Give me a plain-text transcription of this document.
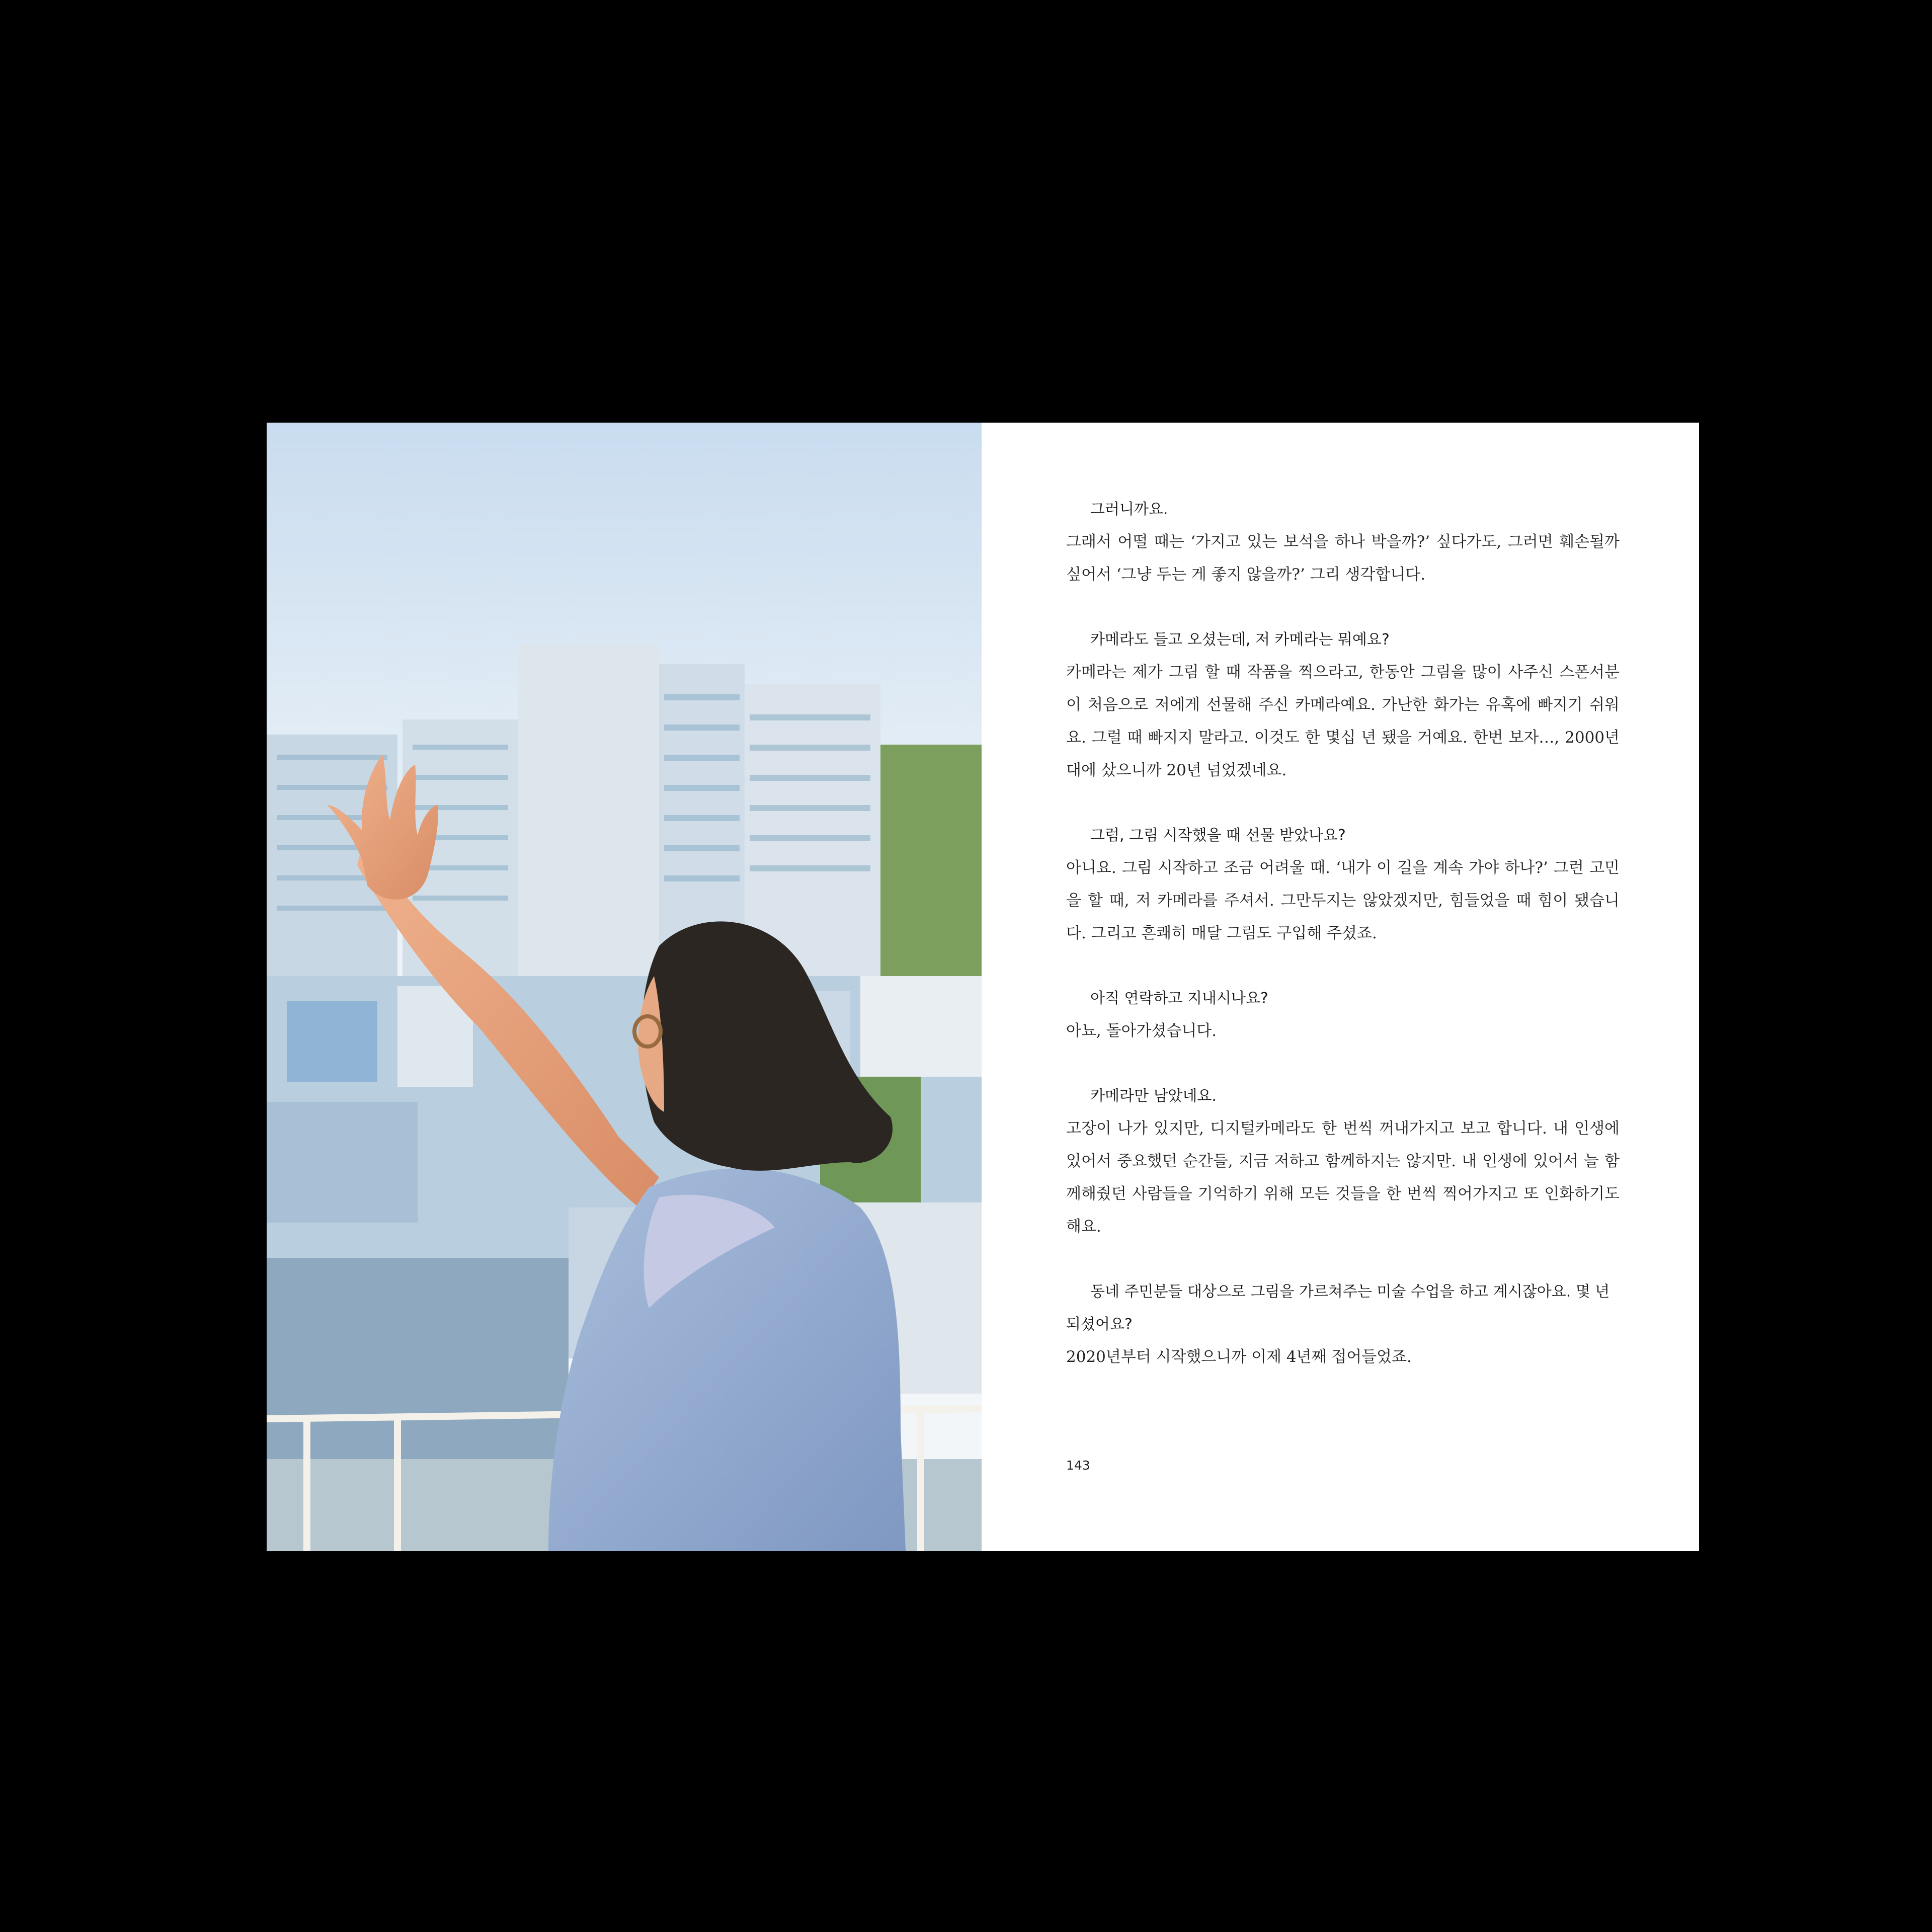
그러니까요.

그래서 어떨 때는 ‘가지고 있는 보석을 하나 박을까?’ 싶다가도, 그러면 훼손될까 싶어서 ‘그냥 두는 게 좋지 않을까?’ 그리 생각합니다.

카메라도 들고 오셨는데, 저 카메라는 뭐예요?

카메라는 제가 그림 할 때 작품을 찍으라고, 한동안 그림을 많이 사주신 스폰서분이 처음으로 저에게 선물해 주신 카메라예요. 가난한 화가는 유혹에 빠지기 쉬워요. 그럴 때 빠지지 말라고. 이것도 한 몇십 년 됐을 거예요. 한번 보자…, 2000년대에 샀으니까 20년 넘었겠네요.

그럼, 그림 시작했을 때 선물 받았나요?

아니요. 그림 시작하고 조금 어려울 때. ‘내가 이 길을 계속 가야 하나?’ 그런 고민을 할 때, 저 카메라를 주셔서. 그만두지는 않았겠지만, 힘들었을 때 힘이 됐습니다. 그리고 흔쾌히 매달 그림도 구입해 주셨죠.

아직 연락하고 지내시나요?

아뇨, 돌아가셨습니다.

카메라만 남았네요.

고장이 나가 있지만, 디지털카메라도 한 번씩 꺼내가지고 보고 합니다. 내 인생에 있어서 중요했던 순간들, 지금 저하고 함께하지는 않지만. 내 인생에 있어서 늘 함께해줬던 사람들을 기억하기 위해 모든 것들을 한 번씩 찍어가지고 또 인화하기도 해요.

동네 주민분들 대상으로 그림을 가르쳐주는 미술 수업을 하고 계시잖아요. 몇 년 되셨어요?

2020년부터 시작했으니까 이제 4년째 접어들었죠.

143
